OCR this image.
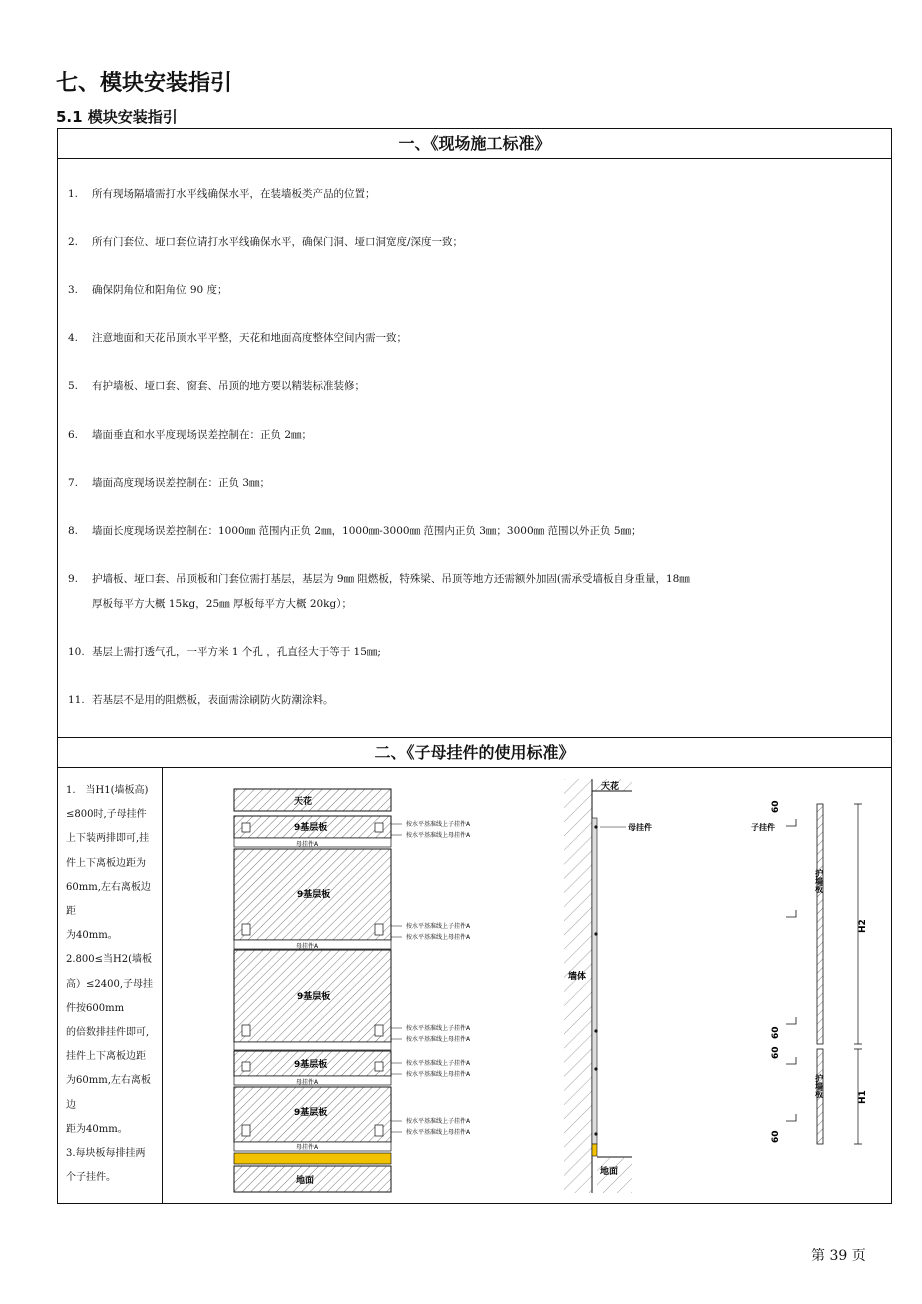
七、模块安装指引
5.1 模块安装指引
一、《现场施工标准》
1. 所有现场隔墙需打水平线确保水平，在装墙板类产品的位置；
2. 所有门套位、垭口套位请打水平线确保水平，确保门洞、垭口洞宽度/深度一致；
3. 确保阴角位和阳角位 90 度；
4. 注意地面和天花吊顶水平平整，天花和地面高度整体空间内需一致；
5. 有护墙板、垭口套、窗套、吊顶的地方要以精装标准装修；
6. 墙面垂直和水平度现场误差控制在：正负 2㎜；
7. 墙面高度现场误差控制在：正负 3㎜；
8. 墙面长度现场误差控制在：1000㎜ 范围内正负 2㎜，1000㎜-3000㎜ 范围内正负 3㎜；3000㎜ 范围以外正负 5㎜；
9. 护墙板、垭口套、吊顶板和门套位需打基层，基层为 9㎜ 阻燃板，特殊梁、吊顶等地方还需额外加固(需承受墙板自身重量，18㎜
厚板每平方大概 15kg，25㎜ 厚板每平方大概 20kg）；
10. 基层上需打透气孔，一平方米 1 个孔 ，孔直径大于等于 15㎜;
11. 若基层不是用的阻燃板，表面需涂刷防火防潮涂料。
二、《子母挂件的使用标准》
1.　当H1(墙板高)
≤800时,子母挂件
上下装两排即可,挂
件上下离板边距为
60mm,左右离板边距
为40mm。
2.800≤当H2(墙板
高）≤2400,子母挂
件按600mm
的倍数排挂件即可,
挂件上下离板边距
为60mm,左右离板边
距为40mm。
3.每块板每排挂两
个子挂件。
天花
9基层板
母挂件A
9基层板
母挂件A
9基层板
9基层板
母挂件A
9基层板
母挂件A
地面
按水平基准线上子挂件A
按水平基准线上母挂件A
按水平基准线上子挂件A
按水平基准线上母挂件A
按水平基准线上子挂件A
按水平基准线上母挂件A
按水平基准线上子挂件A
按水平基准线上母挂件A
按水平基准线上子挂件A
按水平基准线上母挂件A
天花
地面
墙体
母挂件
护墙板
护墙板
子挂件
60
60
60
60
H2
H1
第 39 页
